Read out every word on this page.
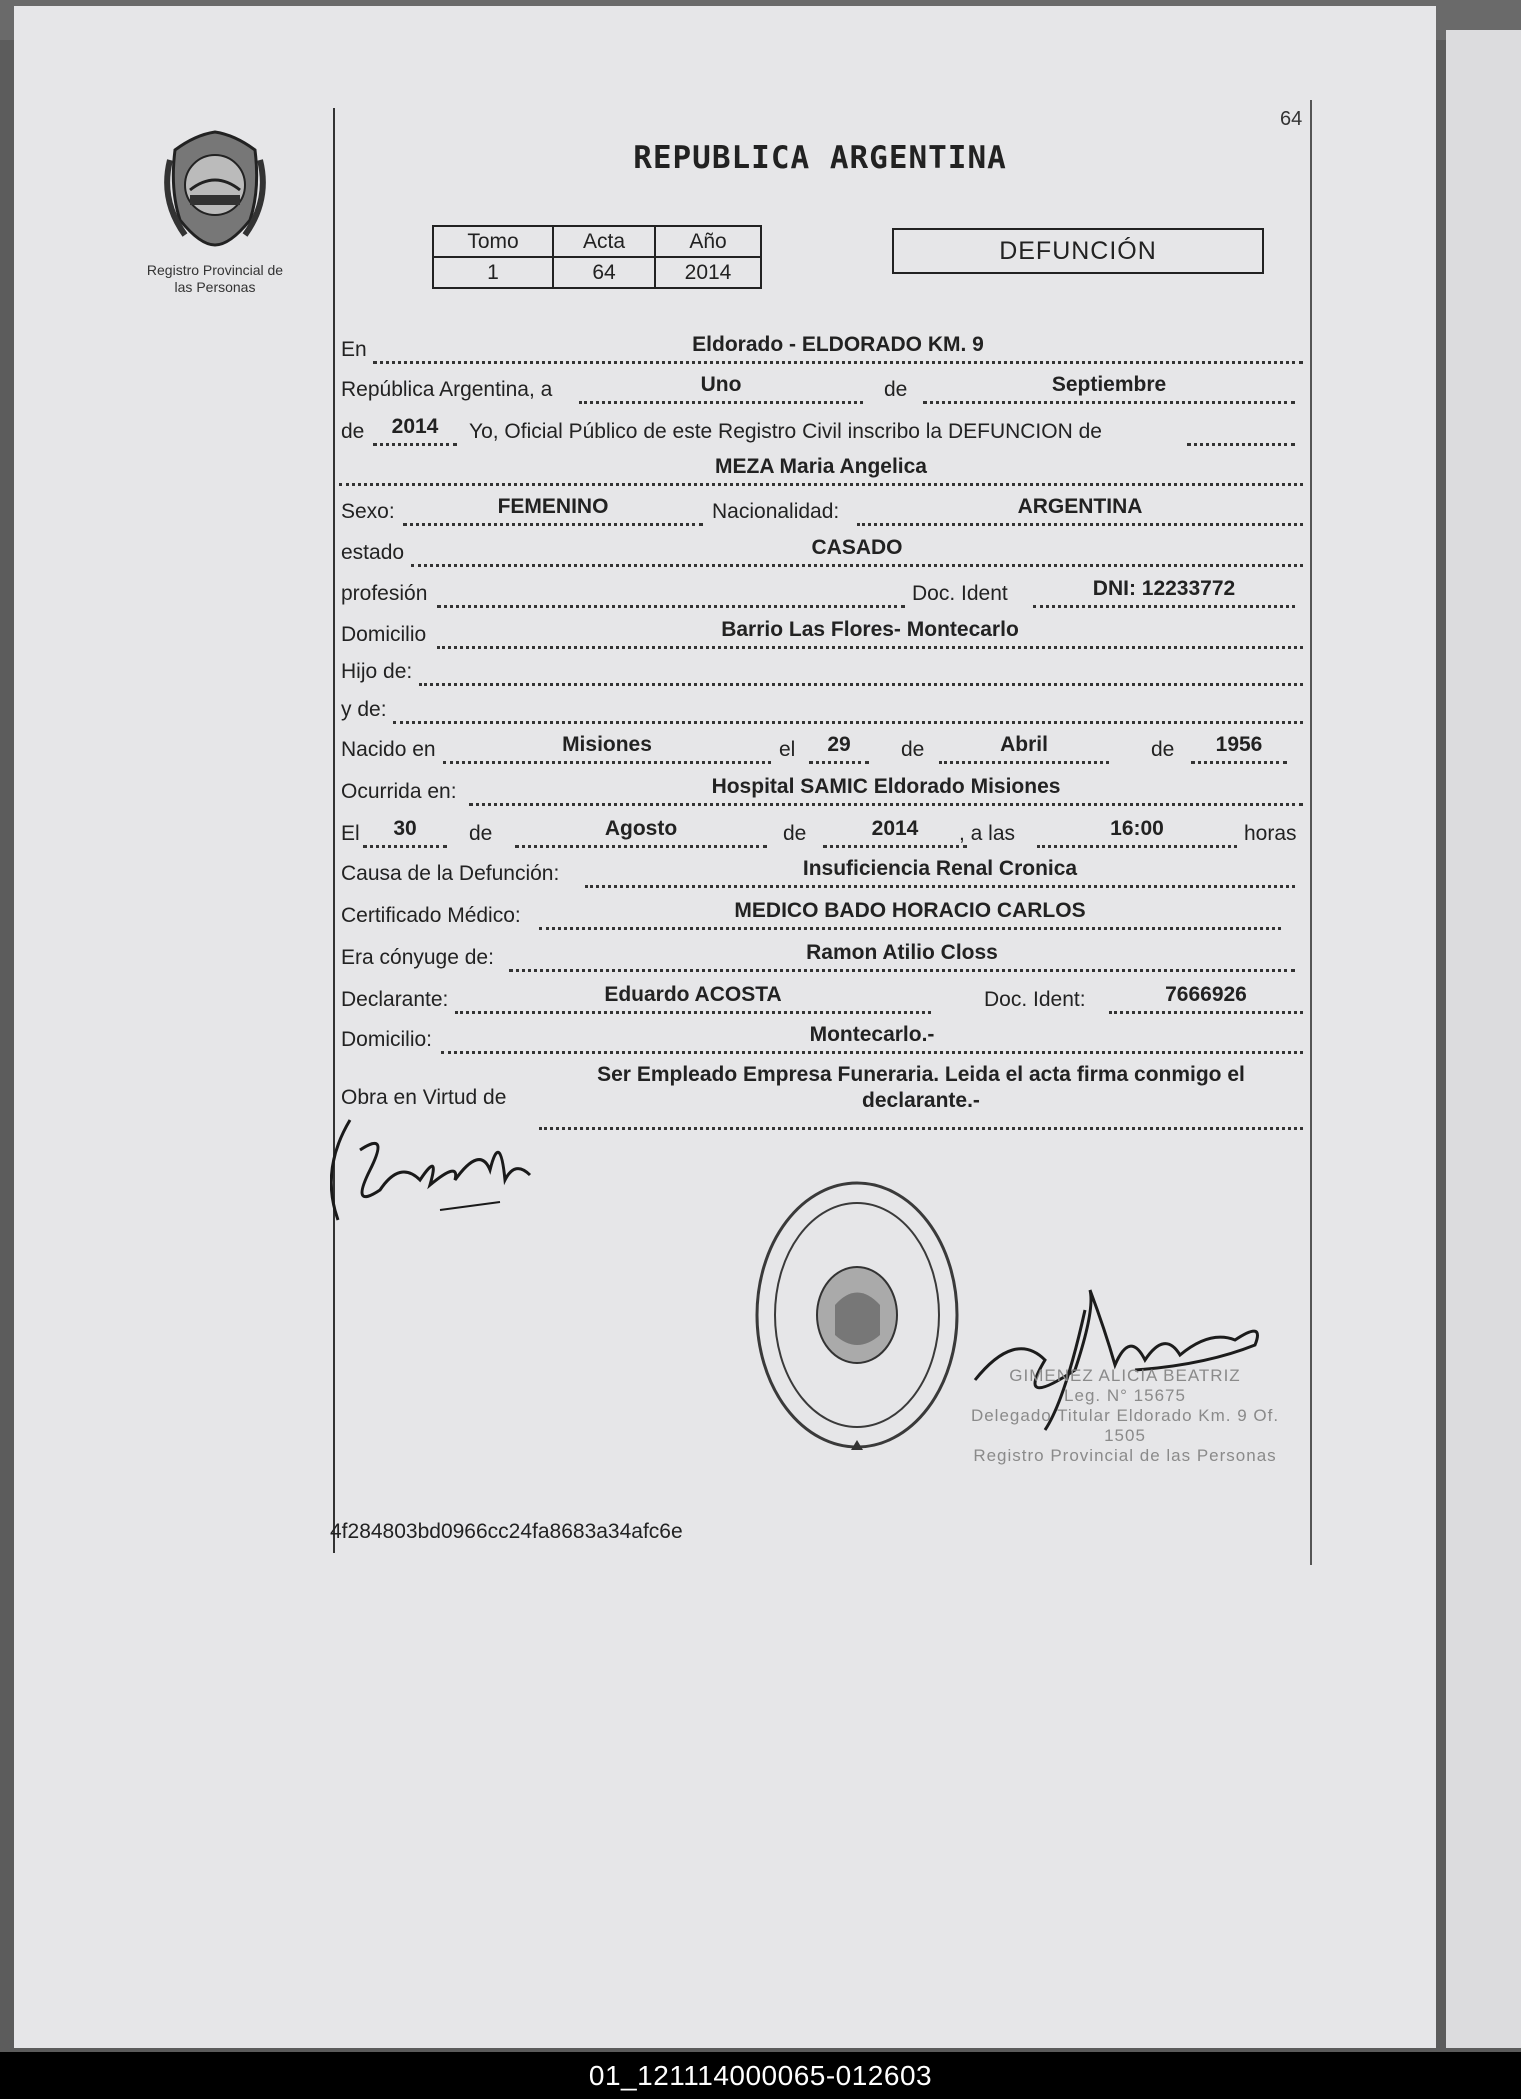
64
Registro Provincial de
las Personas
REPUBLICA ARGENTINA
Tomo	Acta	Año
1	64	2014
DEFUNCIÓN
En	Eldorado - ELDORADO KM. 9
República Argentina, a	Uno	de	Septiembre
de	2014	Yo, Oficial Público de este Registro Civil inscribo la DEFUNCION de
MEZA Maria Angelica
Sexo:	FEMENINO	Nacionalidad:	ARGENTINA
estado	CASADO
profesión	Doc. Ident	DNI: 12233772
Domicilio	Barrio Las Flores- Montecarlo
Hijo de:
y de:
Nacido en	Misiones	el	29	de	Abril	de	1956
Ocurrida en:	Hospital SAMIC Eldorado Misiones
El	30	de	Agosto	de	2014	, a las	16:00	horas
Causa de la Defunción:	Insuficiencia Renal Cronica
Certificado Médico:	MEDICO BADO HORACIO CARLOS
Era cónyuge de:	Ramon Atilio Closs
Declarante:	Eduardo ACOSTA	Doc. Ident:	7666926
Domicilio:	Montecarlo.-
Obra en Virtud de
Ser Empleado Empresa Funeraria. Leida el acta firma conmigo el
declarante.-
GIMENEZ ALICIA BEATRIZ
Leg. N° 15675
Delegado Titular Eldorado Km. 9 Of. 1505
Registro Provincial de las Personas
4f284803bd0966cc24fa8683a34afc6e
01_121114000065-012603
